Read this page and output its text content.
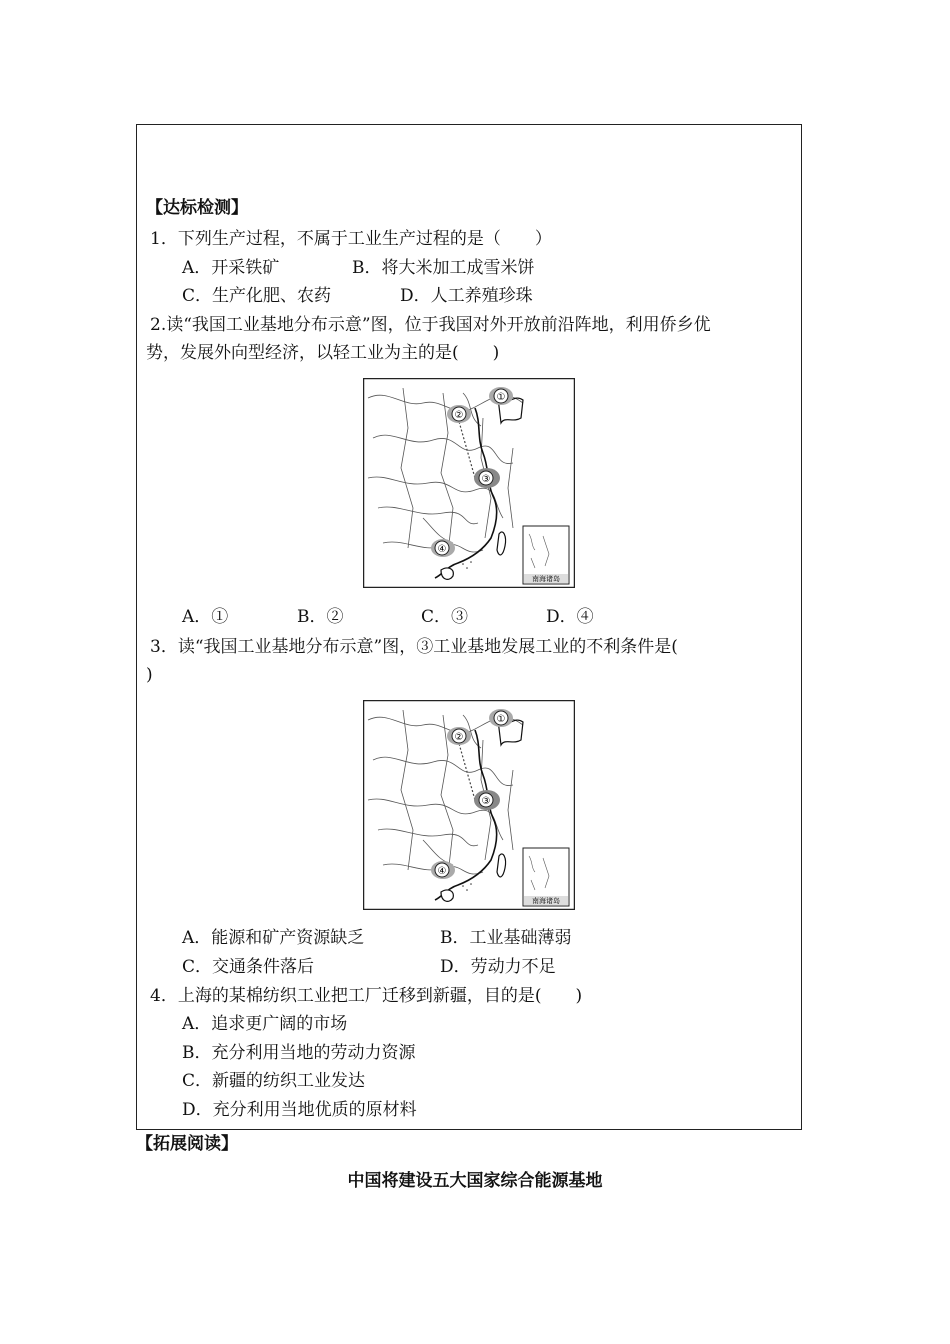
【达标检测】
1．下列生产过程，不属于工业生产过程的是（　　）
A．开采铁矿	B．将大米加工成雪米饼
C．生产化肥、农药	D．人工养殖珍珠
2.读“我国工业基地分布示意”图，位于我国对外开放前沿阵地，利用侨乡优
势，发展外向型经济，以轻工业为主的是(　　)
①
②
③
④
南海诸岛
A．①	B．②	C．③	D．④
3．读“我国工业基地分布示意”图，③工业基地发展工业的不利条件是(
)
①
②
③
④
南海诸岛
A．能源和矿产资源缺乏	B．工业基础薄弱
C．交通条件落后	D．劳动力不足
4．上海的某棉纺织工业把工厂迁移到新疆，目的是(　　)
A．追求更广阔的市场
B．充分利用当地的劳动力资源
C．新疆的纺织工业发达
D．充分利用当地优质的原材料
【拓展阅读】
中国将建设五大国家综合能源基地
